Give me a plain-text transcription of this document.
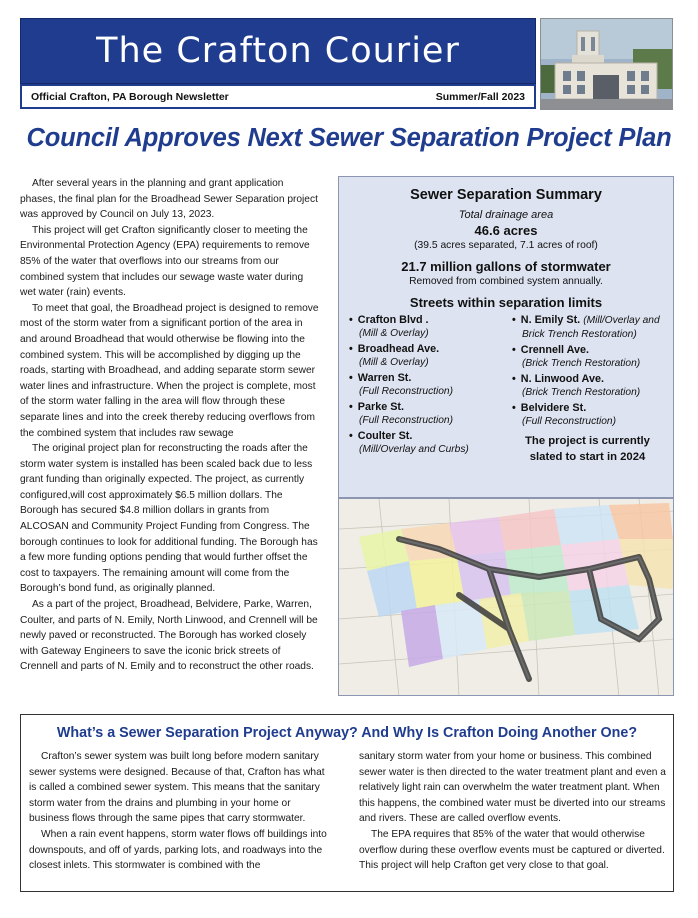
The Crafton Courier
Official Crafton, PA Borough Newsletter	Summer/Fall 2023
Council Approves Next Sewer Separation Project Plan

After several years in the planning and grant application phases, the final plan for the Broadhead Sewer Separation project was approved by Council on July 13, 2023.

This project will get Crafton significantly closer to meeting the Environmental Protection Agency (EPA) requirements to remove 85% of the water that overflows into our streams from our combined system that includes our sewage waste water during wet water (rain) events.

To meet that goal, the Broadhead project is designed to remove most of the storm water from a significant portion of the area in and around Broadhead that would otherwise be flowing into the combined system. This will be accomplished by digging up the roads, starting with Broadhead, and adding separate storm sewer water lines and infrastructure. When the project is complete, most of the storm water falling in the area will flow through these separate lines and into the creek thereby reducing overflows from the combined system that includes raw sewage

The original project plan for reconstructing the roads after the storm water system is installed has been scaled back due to less grant funding than originally expected. The project, as currently configured,will cost approximately $6.5 million dollars. The Borough has secured $4.8 million dollars in grants from ALCOSAN and Community Project Funding from Congress. The borough continues to look for additional funding. The Borough has a few more funding options pending that would further offset the cost to taxpayers. The remaining amount will come from the Borough’s bond fund, as originally planned.

As a part of the project, Broadhead, Belvidere, Parke, Warren, Coulter, and parts of N. Emily, North Linwood, and Crennell will be newly paved or reconstructed. The Borough has worked closely with Gateway Engineers to save the iconic brick streets of Crennell and parts of N. Emily and to reconstruct the other roads.

Sewer Separation Summary
Total drainage area
46.6 acres
(39.5 acres separated, 7.1 acres of roof)
21.7 million gallons of stormwater
Removed from combined system annually.
Streets within separation limits
• Crafton Blvd .
(Mill & Overlay)
• Broadhead Ave.
(Mill & Overlay)
• Warren St.
(Full Reconstruction)
• Parke St.
(Full Reconstruction)
• Coulter St.
(Mill/Overlay and Curbs)
• N. Emily St. (Mill/Overlay and
Brick Trench Restoration)
• Crennell Ave.
(Brick Trench Restoration)
• N. Linwood Ave.
(Brick Trench Restoration)
• Belvidere St.
(Full Reconstruction)
The project is currently
slated to start in 2024
What’s a Sewer Separation Project Anyway? And Why Is Crafton Doing Another One?

Crafton’s sewer system was built long before modern sanitary sewer systems were designed. Because of that, Crafton has what is called a combined sewer system. This means that the sanitary storm water from the drains and plumbing in your home or business flows through the same pipes that carry stormwater.

When a rain event happens, storm water flows off buildings into downspouts, and off of yards, parking lots, and roadways into the closest inlets. This stormwater is combined with the

sanitary storm water from your home or business. This combined sewer water is then directed to the water treatment plant and even a relatively light rain can overwhelm the water treatment plant. When this happens, the combined water must be diverted into our streams and rivers. These are called overflow events.

The EPA requires that 85% of the water that would otherwise overflow during these overflow events must be captured or diverted. This project will help Crafton get very close to that goal.
